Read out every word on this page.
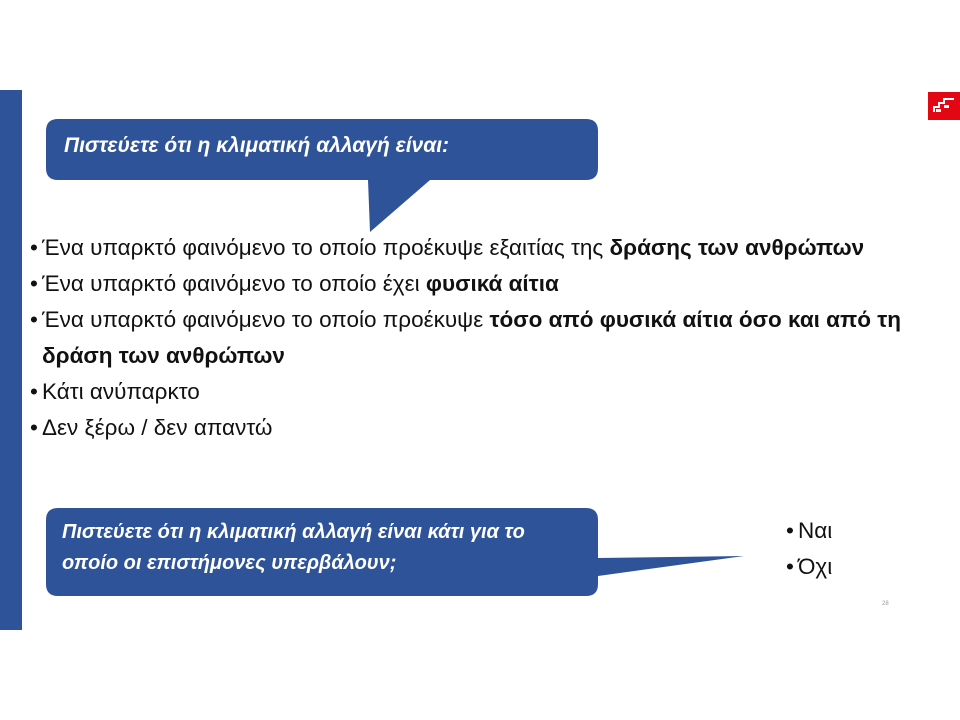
Πιστεύετε ότι η κλιματική αλλαγή είναι:
Πιστεύετε ότι η κλιματική αλλαγή είναι κάτι για το οποίο οι επιστήμονες υπερβάλουν;
• Ένα υπαρκτό φαινόμενο το οποίο προέκυψε εξαιτίας της δράσης των ανθρώπων
• Ένα υπαρκτό φαινόμενο το οποίο έχει φυσικά αίτια
• Ένα υπαρκτό φαινόμενο το οποίο προέκυψε τόσο από φυσικά αίτια όσο και από τη δράση των ανθρώπων
• Κάτι ανύπαρκτο
• Δεν ξέρω / δεν απαντώ
• Ναι
• Όχι
28
